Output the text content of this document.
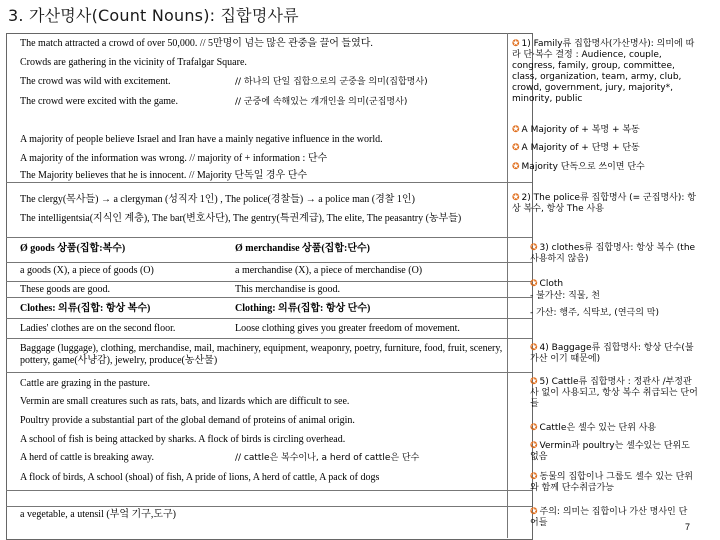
3. 가산명사(Count Nouns): 집합명사류
The match attracted a crowd of over 50,000. // 5만명이 넘는 많은 관중을 끌어 들였다.
Crowds are gathering in the vicinity of Trafalgar Square.
The crowd was wild with excitement.	// 하나의 단일 집합으로의 군중을 의미(집합명사)
The crowd were excited with the game.	// 군중에 속해있는 개개인을 의미(군집명사)
A majority of people believe Israel and Iran have a mainly negative influence in the world.
A majority of the information was wrong. // majority of + information : 단수
The Majority believes that he is innocent. // Majority 단독일 경우 단수
The clergy(목사들) → a clergyman (성직자 1인) , The police(경찰들) → a police man (경찰 1인)
The intelligentsia(지식인 계층), The bar(변호사단), The gentry(특권계급), The elite, The peasantry (농부들)
Ø goods 상품(집합:복수)	Ø merchandise 상품(집합:단수)
a goods (X), a piece of goods (O)	a merchandise (X), a piece of merchandise (O)
These goods are good.	This merchandise is good.
Clothes: 의류(집합: 항상 복수)	Clothing: 의류(집합: 항상 단수)
Ladies' clothes are on the second floor.	Loose clothing gives you greater freedom of movement.
Baggage (luggage), clothing, merchandise, mail, machinery, equipment, weaponry, poetry, furniture, food, fruit, scenery, pottery, game(사냥감), jewelry, produce(농산물)
Cattle are grazing in the pasture.
Vermin are small creatures such as rats, bats, and lizards which are difficult to see.
Poultry provide a substantial part of the global demand of proteins of animal origin.
A school of fish is being attacked by sharks. A flock of birds is circling overhead.
A herd of cattle is breaking away.	// cattle은 복수이나, a herd of cattle은 단수
A flock of birds, A school (shoal) of fish, A pride of lions, A herd of cattle, A pack of dogs
a vegetable, a utensil (부엌 기구,도구)
✪ 1) Family류 집합명사(가산명사): 의미에 따라 단·복수 결정 : Audience, couple, congress, family, group, committee, class, organization, team, army, club, crowd, government, jury, majority*, minority, public
✪ A Majority of + 복명 + 복동
✪ A Majority of + 단명 + 단동
✪ Majority 단독으로 쓰이면 단수
✪ 2) The police류 집합명사 (= 군집명사): 항상 복수, 항상 The 사용
✪ 3) clothes류 집합명사: 항상 복수 (the 사용하지 않음)
✪ Cloth
- 불가산: 직물, 천
- 가산: 행주, 식탁보, (연극의 막)
✪ 4) Baggage류 집합명사: 항상 단수(불가산 이기 때문에)
✪ 5) Cattle류 집합명사 : 정관사 /부정관사 없이 사용되고, 항상 복수 취급되는 단어들
✪ Cattle은 셀수 있는 단위 사용
✪ Vermin과 poultry는 셀수있는 단위도 없음
✪ 동물의 집합이나 그룹도 셀수 있는 단위와 함께 단수취급가능
✪ 주의: 의미는 집합이나 가산 명사인 단어들	7
